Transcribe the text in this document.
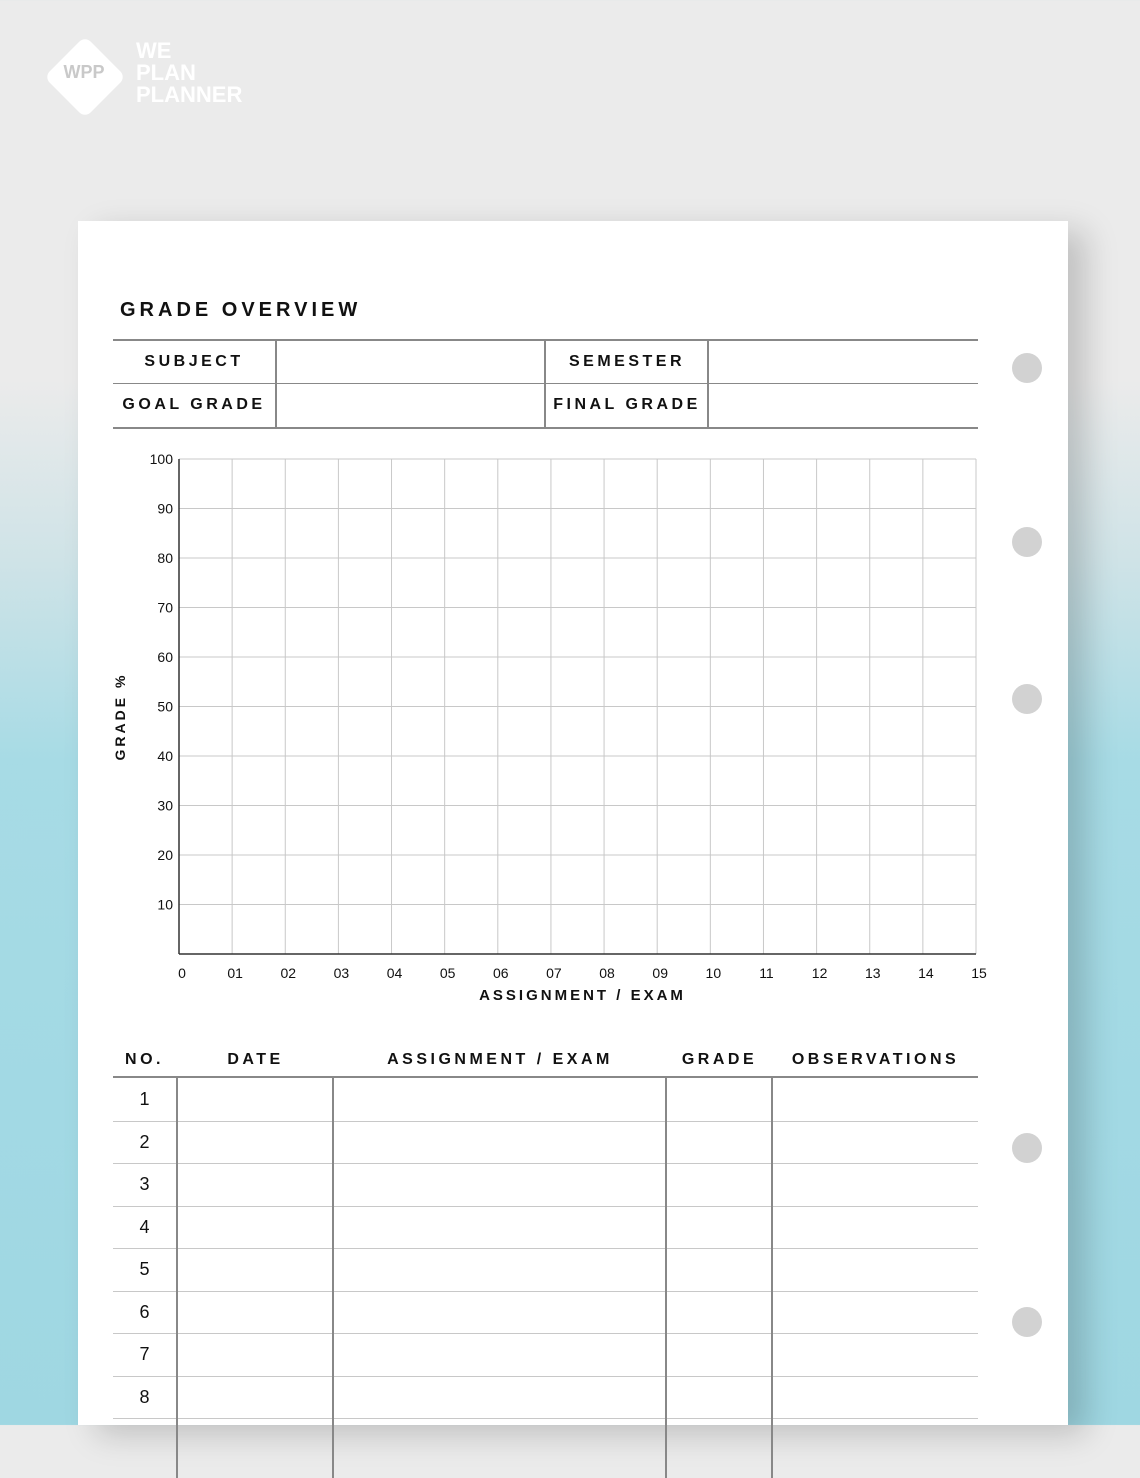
WPP
WE
PLAN
PLANNER
GRADE OVERVIEW
SUBJECT	SEMESTER
GOAL GRADE	FINAL GRADE
10
20
30
40
50
60
70
80
90
100
0	01	02	03	04	05	06	07	08	09	10	11	12	13	14	15
ASSIGNMENT / EXAM
GRADE %
NO.	DATE	ASSIGNMENT / EXAM	GRADE	OBSERVATIONS
1
2
3
4
5
6
7
8
